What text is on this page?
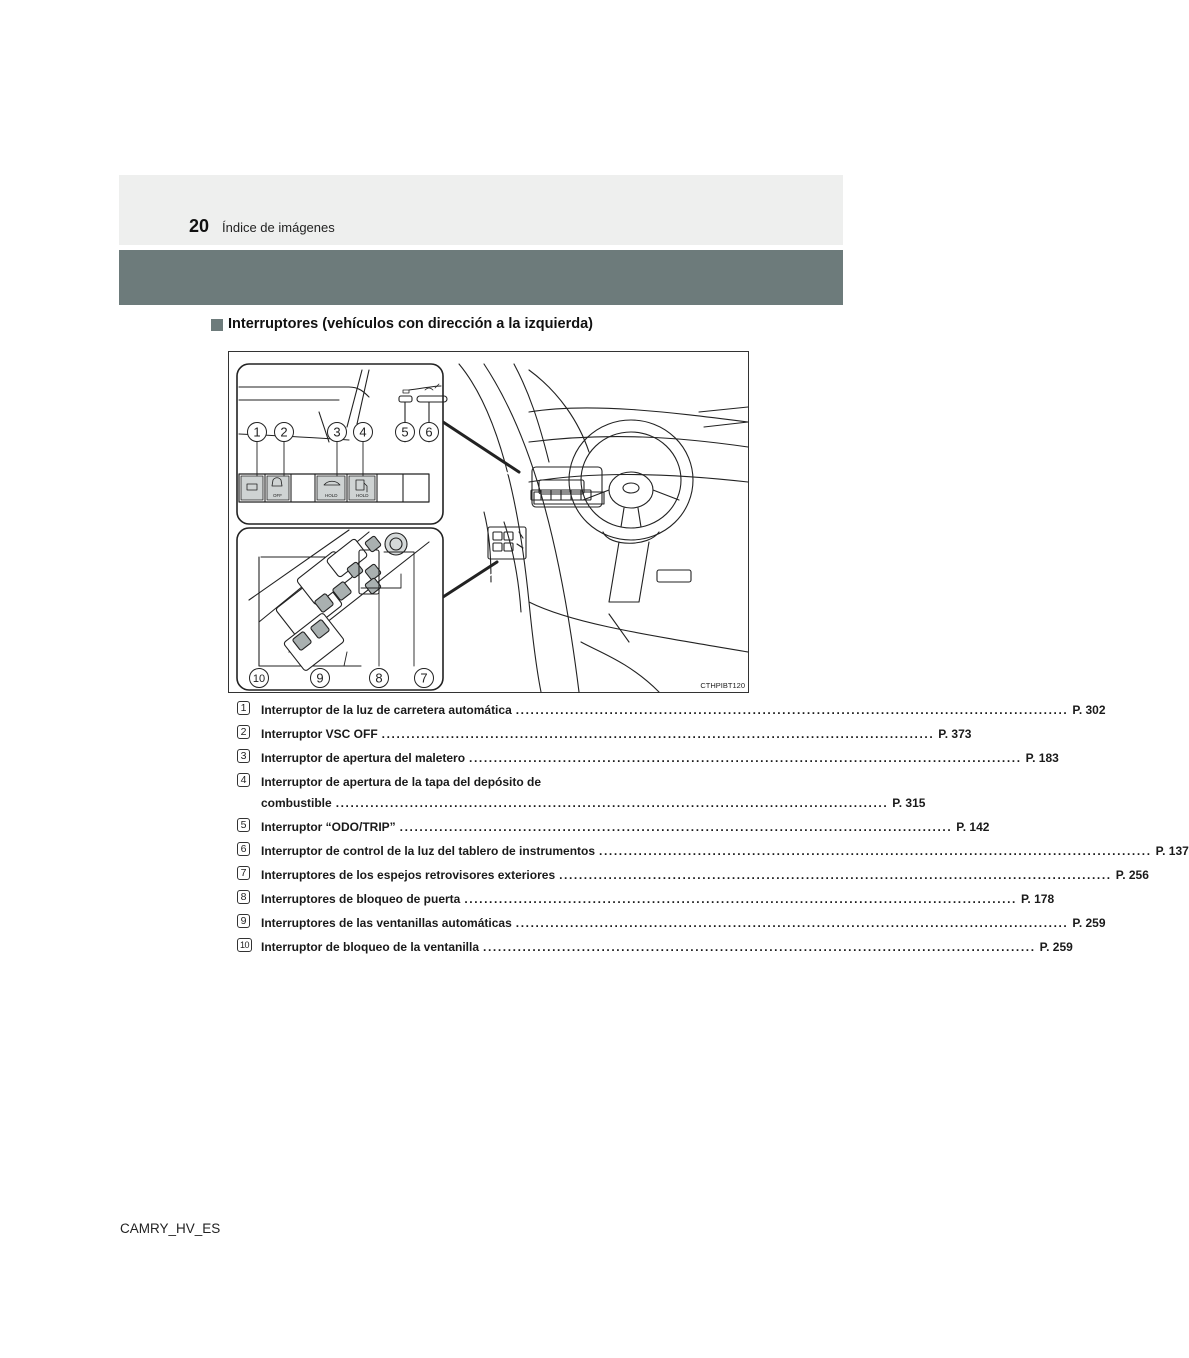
20 Índice de imágenes
Interruptores (vehículos con dirección a la izquierda)
OFF	HOLD	HOLD
1 2	3 4	5 6
10	9	8	7	CTHPIBT120
1 Interruptor de la luz de carretera automática ................................................................................................................ P. 302
2 Interruptor VSC OFF ................................................................................................................ P. 373
3 Interruptor de apertura del maletero ................................................................................................................ P. 183
4 Interruptor de apertura de la tapa del depósito de
combustible ................................................................................................................ P. 315
5 Interruptor “ODO/TRIP” ................................................................................................................ P. 142
6 Interruptor de control de la luz del tablero de instrumentos ................................................................................................................ P. 137
7 Interruptores de los espejos retrovisores exteriores ................................................................................................................ P. 256
8 Interruptores de bloqueo de puerta ................................................................................................................ P. 178
9 Interruptores de las ventanillas automáticas ................................................................................................................ P. 259
10 Interruptor de bloqueo de la ventanilla ................................................................................................................ P. 259
CAMRY_HV_ES
